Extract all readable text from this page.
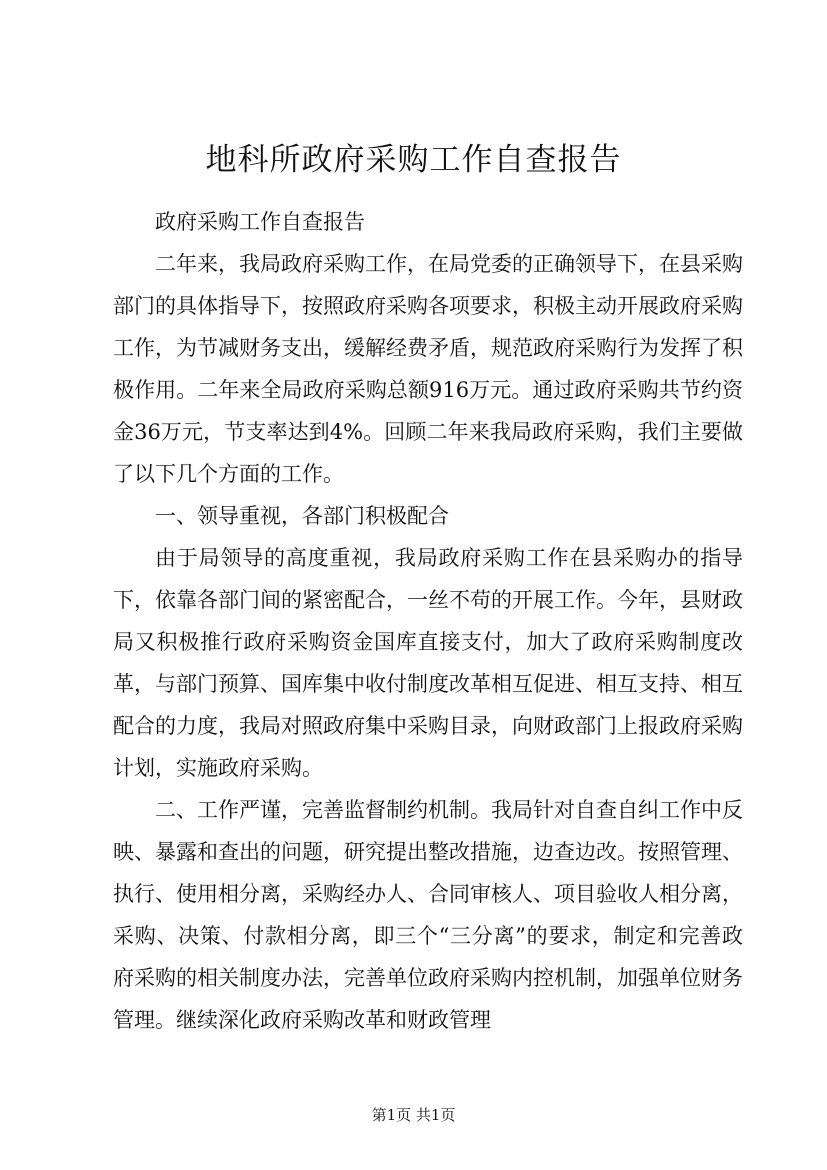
地科所政府采购工作自查报告

政府采购工作自查报告

二年来，我局政府采购工作，在局党委的正确领导下，在县采购部门的具体指导下，按照政府采购各项要求，积极主动开展政府采购工作，为节减财务支出，缓解经费矛盾，规范政府采购行为发挥了积极作用。二年来全局政府采购总额916万元。通过政府采购共节约资金36万元，节支率达到4%。回顾二年来我局政府采购，我们主要做了以下几个方面的工作。

一、领导重视，各部门积极配合

由于局领导的高度重视，我局政府采购工作在县采购办的指导下，依靠各部门间的紧密配合，一丝不苟的开展工作。今年，县财政局又积极推行政府采购资金国库直接支付，加大了政府采购制度改革，与部门预算、国库集中收付制度改革相互促进、相互支持、相互配合的力度，我局对照政府集中采购目录，向财政部门上报政府采购计划，实施政府采购。

二、工作严谨，完善监督制约机制。我局针对自查自纠工作中反映、暴露和查出的问题，研究提出整改措施，边查边改。按照管理、执行、使用相分离，采购经办人、合同审核人、项目验收人相分离，采购、决策、付款相分离，即三个“三分离”的要求，制定和完善政府采购的相关制度办法，完善单位政府采购内控机制，加强单位财务管理。继续深化政府采购改革和财政管理

第1页 共1页
